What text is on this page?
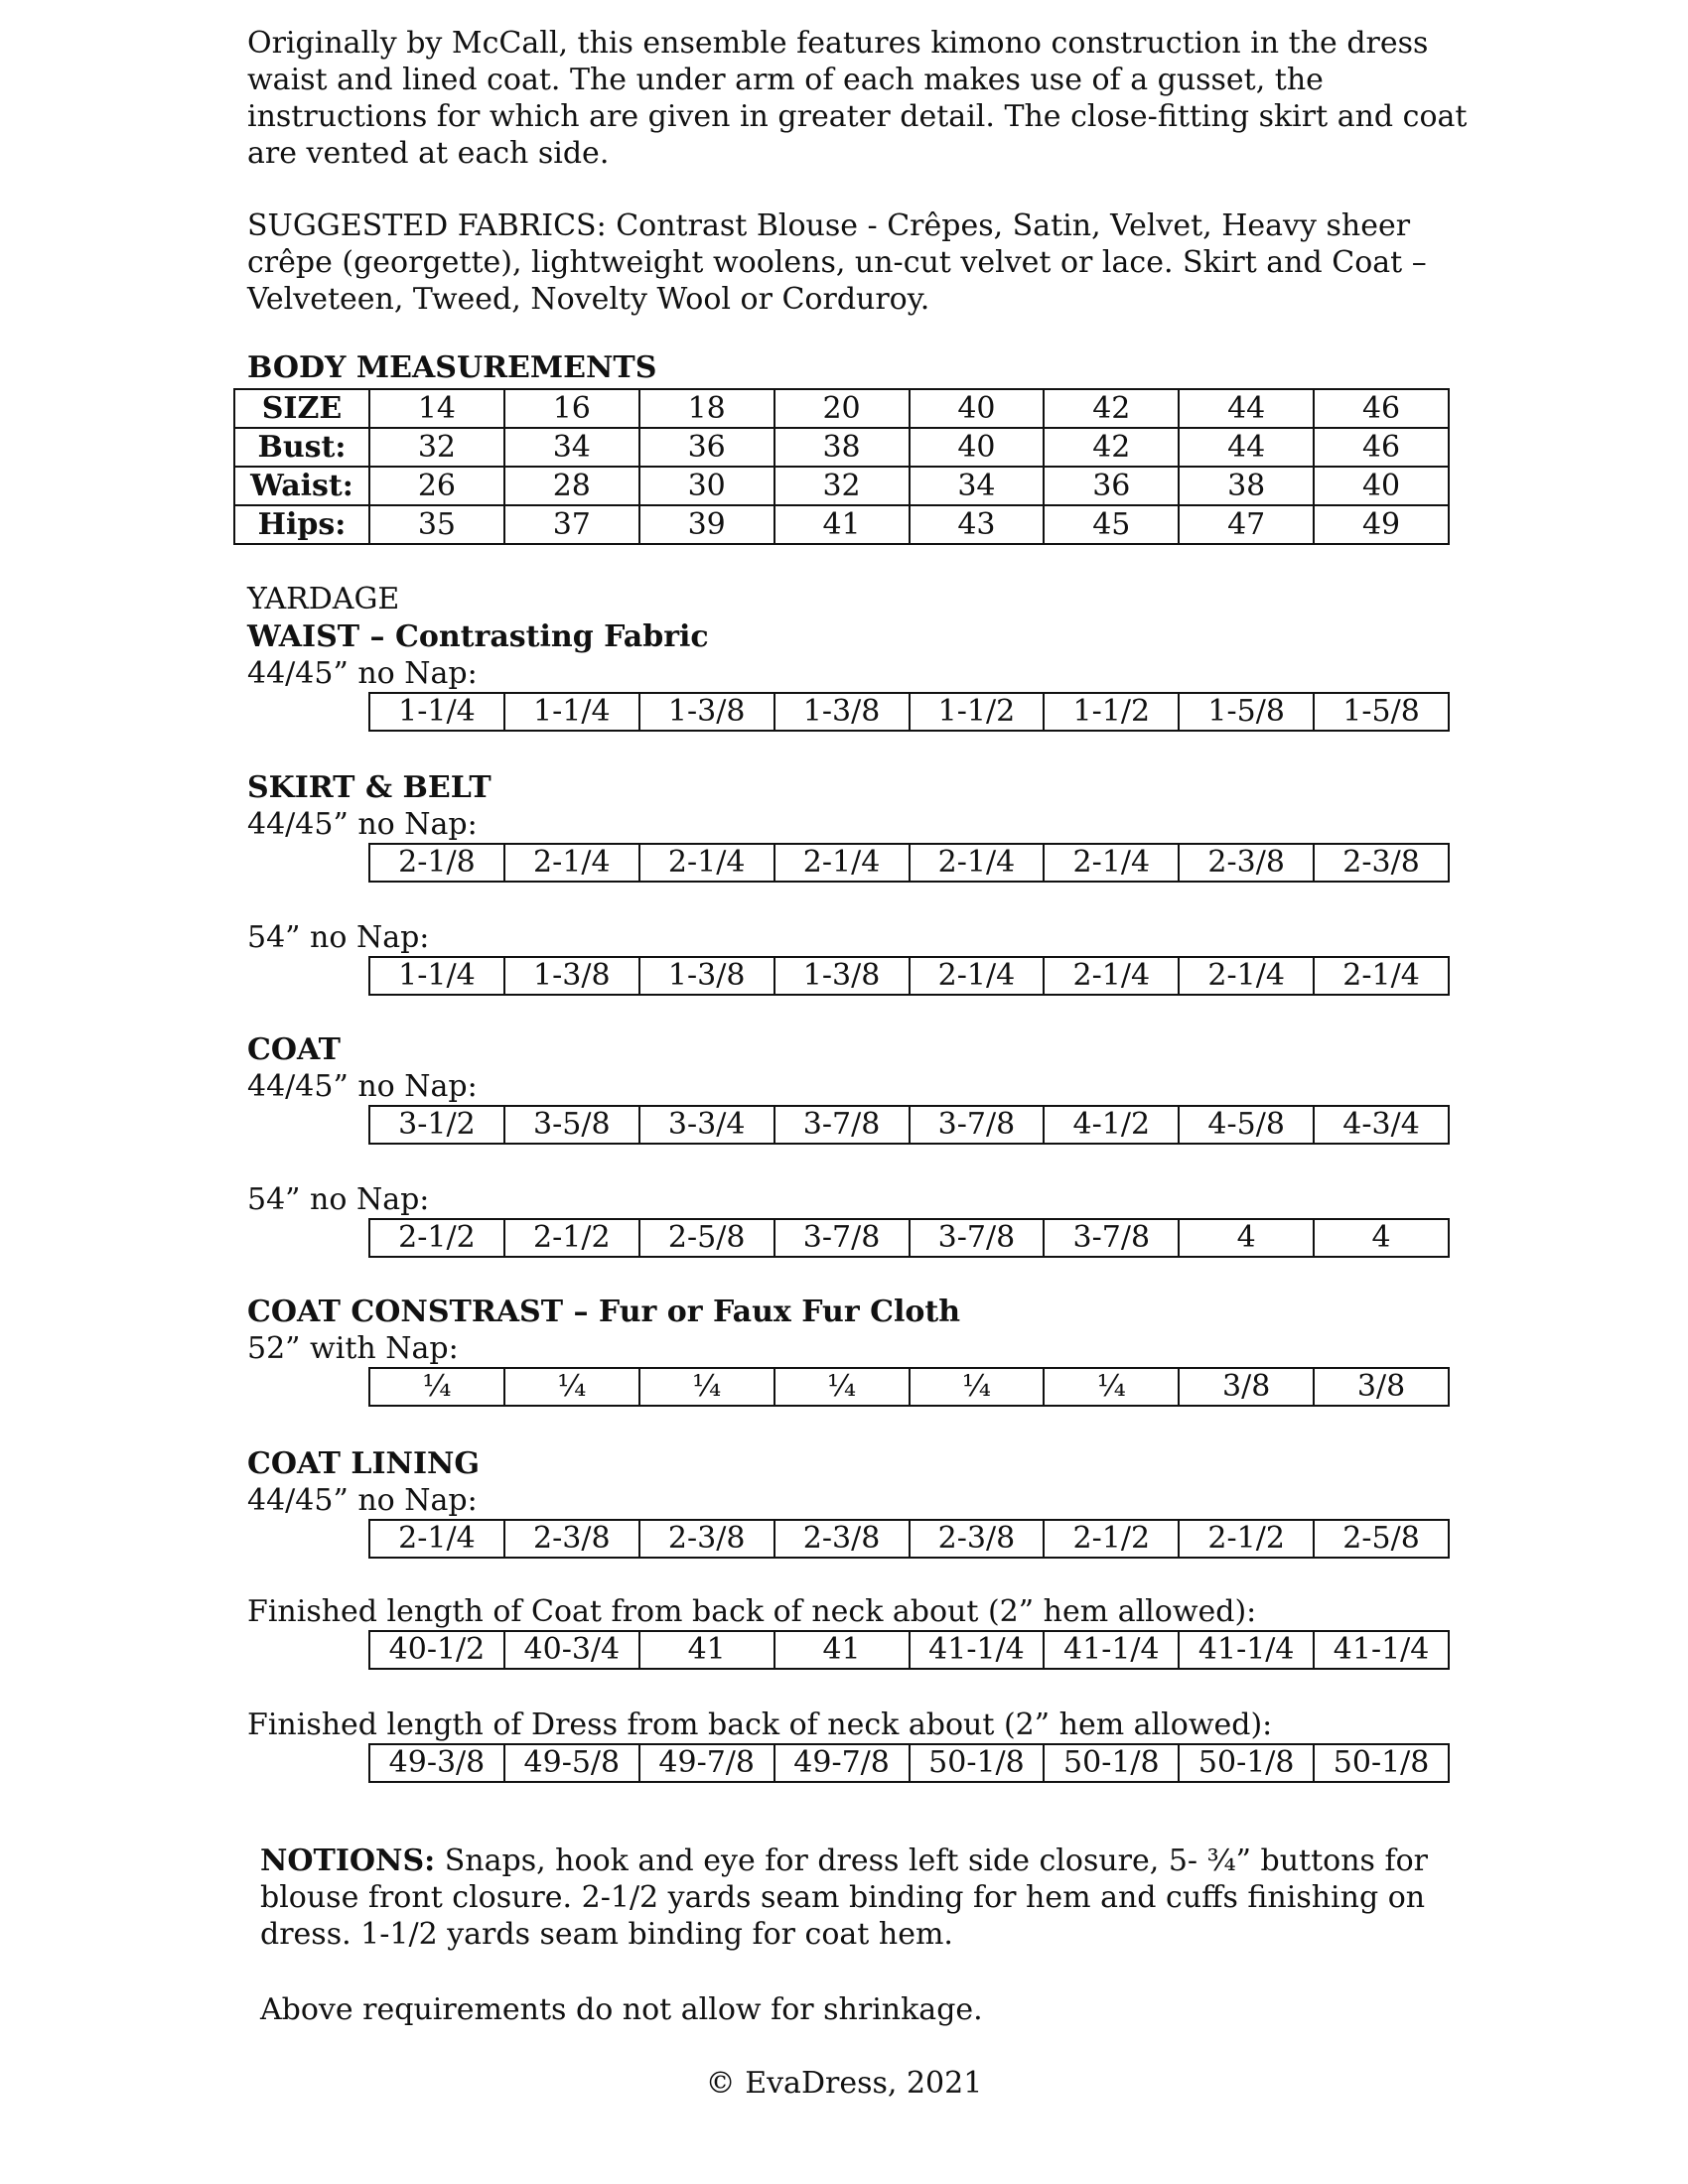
Originally by McCall, this ensemble features kimono construction in the dress waist and lined coat. The under arm of each makes use of a gusset, the instructions for which are given in greater detail. The close-fitting skirt and coat are vented at each side.

SUGGESTED FABRICS: Contrast Blouse - Crêpes, Satin, Velvet, Heavy sheer crêpe (georgette), lightweight woolens, un-cut velvet or lace. Skirt and Coat – Velveteen, Tweed, Novelty Wool or Corduroy.

BODY MEASUREMENTS
SIZE	14	16	18	20	40	42	44	46
Bust:	32	34	36	38	40	42	44	46
Waist:	26	28	30	32	34	36	38	40
Hips:	35	37	39	41	43	45	47	49
YARDAGE
WAIST – Contrasting Fabric
44/45” no Nap:
1-1/4	1-1/4	1-3/8	1-3/8	1-1/2	1-1/2	1-5/8	1-5/8
SKIRT & BELT
44/45” no Nap:
2-1/8	2-1/4	2-1/4	2-1/4	2-1/4	2-1/4	2-3/8	2-3/8
54” no Nap:
1-1/4	1-3/8	1-3/8	1-3/8	2-1/4	2-1/4	2-1/4	2-1/4
COAT
44/45” no Nap:
3-1/2	3-5/8	3-3/4	3-7/8	3-7/8	4-1/2	4-5/8	4-3/4
54” no Nap:
2-1/2	2-1/2	2-5/8	3-7/8	3-7/8	3-7/8	4	4
COAT CONSTRAST – Fur or Faux Fur Cloth
52” with Nap:
¼	¼	¼	¼	¼	¼	3/8	3/8
COAT LINING
44/45” no Nap:
2-1/4	2-3/8	2-3/8	2-3/8	2-3/8	2-1/2	2-1/2	2-5/8
Finished length of Coat from back of neck about (2” hem allowed):
40-1/2	40-3/4	41	41	41-1/4	41-1/4	41-1/4	41-1/4
Finished length of Dress from back of neck about (2” hem allowed):
49-3/8	49-5/8	49-7/8	49-7/8	50-1/8	50-1/8	50-1/8	50-1/8

NOTIONS: Snaps, hook and eye for dress left side closure, 5- ¾” buttons for blouse front closure. 2-1/2 yards seam binding for hem and cuffs finishing on dress. 1-1/2 yards seam binding for coat hem.

Above requirements do not allow for shrinkage.
© EvaDress, 2021
